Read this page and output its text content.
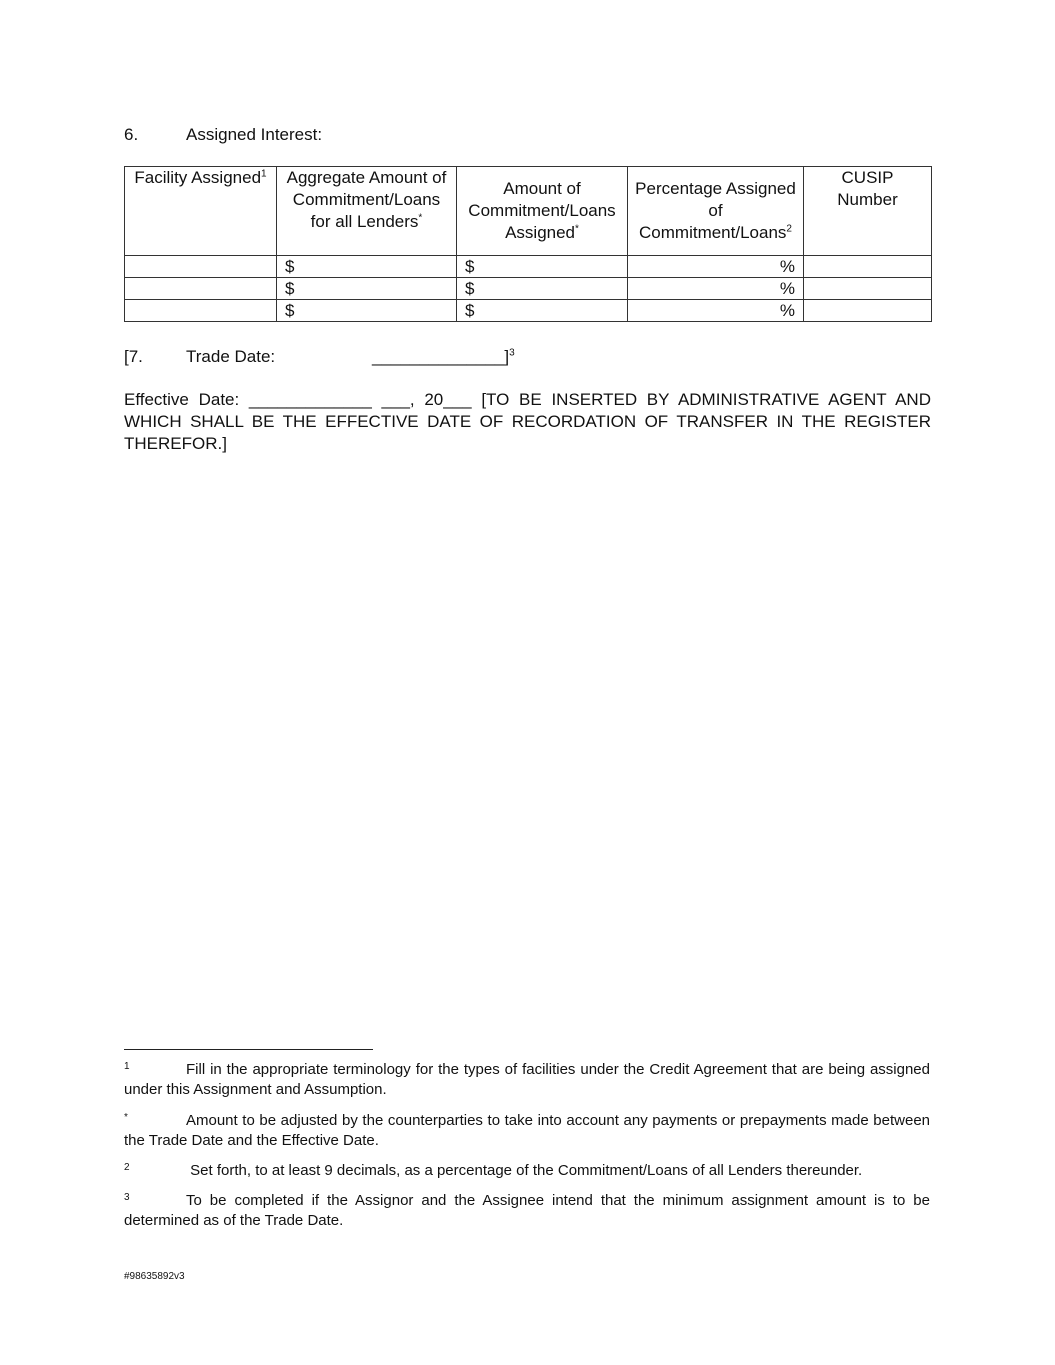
6.	Assigned Interest:
Facility Assigned$^1$	Aggregate Amount of Commitment/Loans for all Lenders*	Amount of Commitment/Loans Assigned*	Percentage Assigned of Commitment/Loans$^2$	CUSIP Number
	$	$	%	
	$	$	%	
	$	$	%	
[7.	Trade Date:	______________]$^3$
Effective Date: _____________ ___, 20___ [TO BE INSERTED BY ADMINISTRATIVE AGENT AND WHICH SHALL BE THE EFFECTIVE DATE OF RECORDATION OF TRANSFER IN THE REGISTER THEREFOR.]
1	Fill in the appropriate terminology for the types of facilities under the Credit Agreement that are being assigned under this Assignment and Assumption.
*	Amount to be adjusted by the counterparties to take into account any payments or prepayments made between the Trade Date and the Effective Date.
2	Set forth, to at least 9 decimals, as a percentage of the Commitment/Loans of all Lenders thereunder.
3	To be completed if the Assignor and the Assignee intend that the minimum assignment amount is to be determined as of the Trade Date.
#98635892v3
